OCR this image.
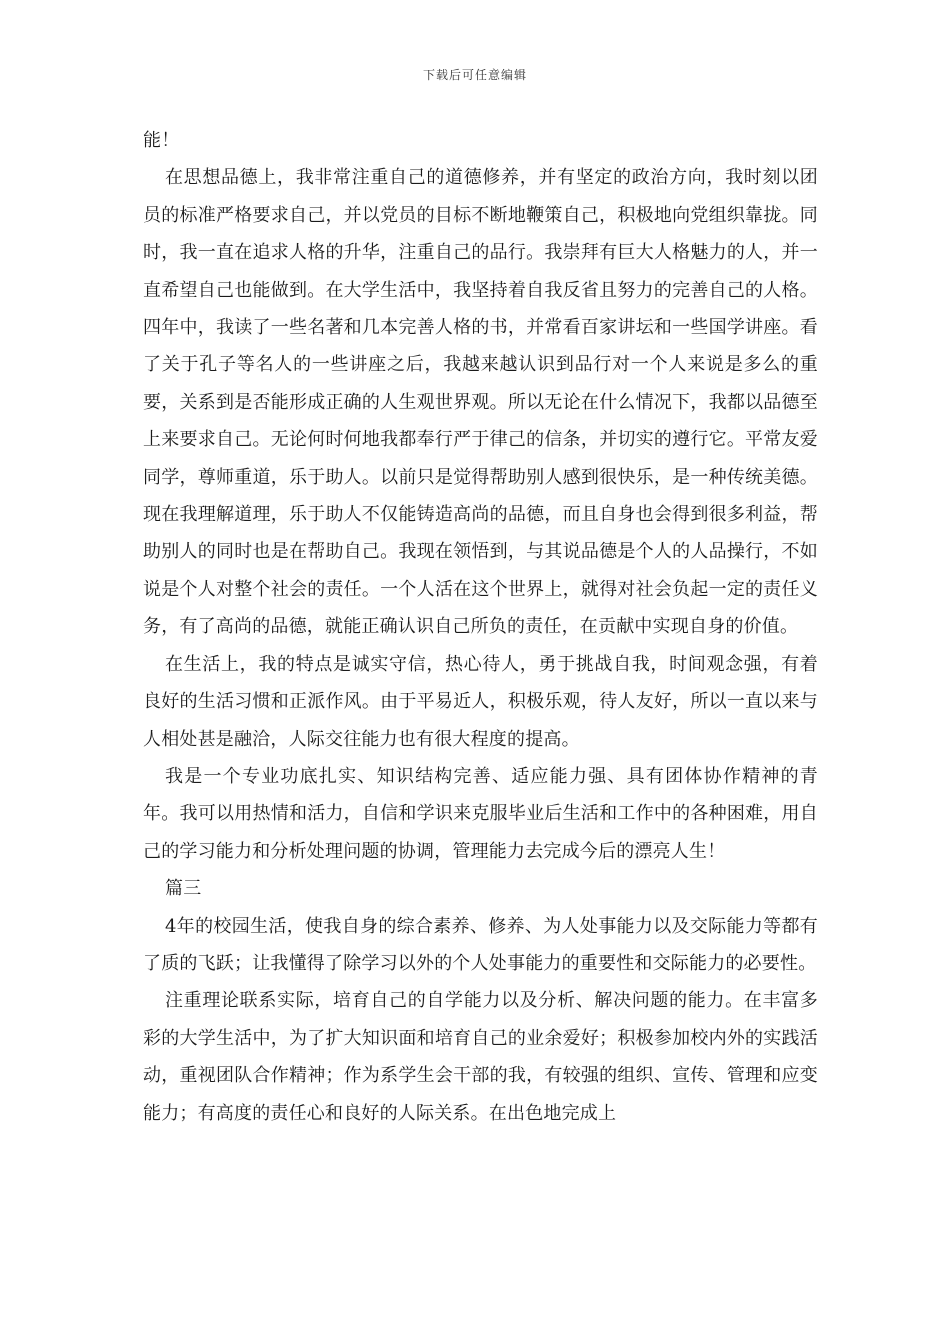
下载后可任意编辑

能！

在思想品德上，我非常注重自己的道德修养，并有坚定的政治方向，我时刻以团员的标准严格要求自己，并以党员的目标不断地鞭策自己，积极地向党组织靠拢。同时，我一直在追求人格的升华，注重自己的品行。我崇拜有巨大人格魅力的人，并一直希望自己也能做到。在大学生活中，我坚持着自我反省且努力的完善自己的人格。四年中，我读了一些名著和几本完善人格的书，并常看百家讲坛和一些国学讲座。看了关于孔子等名人的一些讲座之后，我越来越认识到品行对一个人来说是多么的重要，关系到是否能形成正确的人生观世界观。所以无论在什么情况下，我都以品德至上来要求自己。无论何时何地我都奉行严于律己的信条，并切实的遵行它。平常友爱同学，尊师重道，乐于助人。以前只是觉得帮助别人感到很快乐，是一种传统美德。现在我理解道理，乐于助人不仅能铸造高尚的品德，而且自身也会得到很多利益，帮助别人的同时也是在帮助自己。我现在领悟到，与其说品德是个人的人品操行，不如说是个人对整个社会的责任。一个人活在这个世界上，就得对社会负起一定的责任义务，有了高尚的品德，就能正确认识自己所负的责任，在贡献中实现自身的价值。

在生活上，我的特点是诚实守信，热心待人，勇于挑战自我，时间观念强，有着良好的生活习惯和正派作风。由于平易近人，积极乐观，待人友好，所以一直以来与人相处甚是融洽，人际交往能力也有很大程度的提高。

我是一个专业功底扎实、知识结构完善、适应能力强、具有团体协作精神的青年。我可以用热情和活力，自信和学识来克服毕业后生活和工作中的各种困难，用自己的学习能力和分析处理问题的协调，管理能力去完成今后的漂亮人生！

篇三

4年的校园生活，使我自身的综合素养、修养、为人处事能力以及交际能力等都有了质的飞跃；让我懂得了除学习以外的个人处事能力的重要性和交际能力的必要性。

注重理论联系实际，培育自己的自学能力以及分析、解决问题的能力。在丰富多彩的大学生活中，为了扩大知识面和培育自己的业余爱好；积极参加校内外的实践活动，重视团队合作精神；作为系学生会干部的我，有较强的组织、宣传、管理和应变能力；有高度的责任心和良好的人际关系。在出色地完成上
